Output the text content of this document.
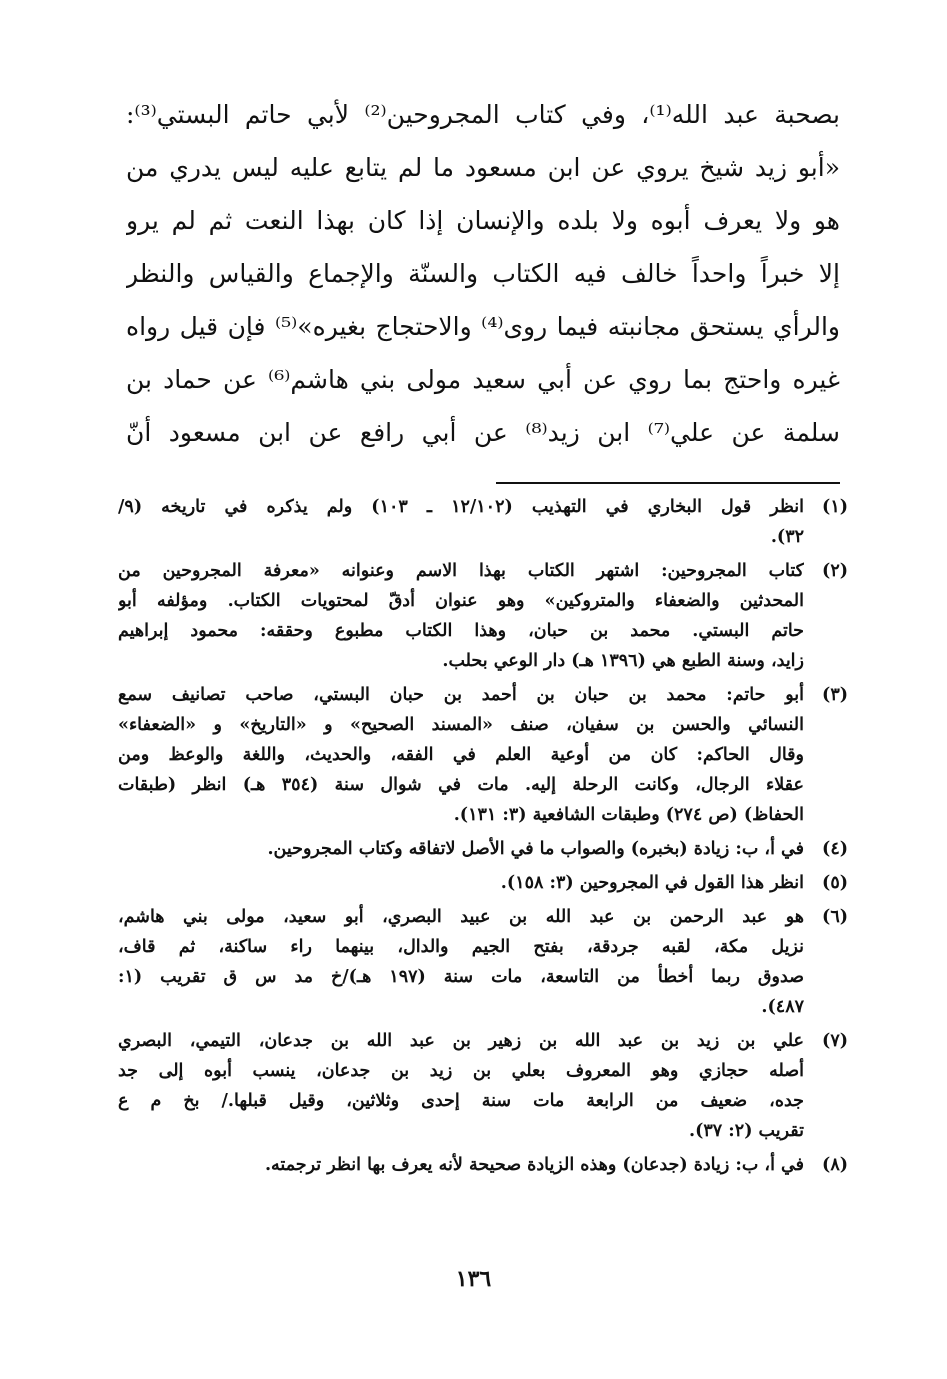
بصحبة عبد الله⁽¹⁾، وفي كتاب المجروحين⁽²⁾ لأبي حاتم البستي⁽³⁾:
«أبو زيد شيخ يروي عن ابن مسعود ما لم يتابع عليه ليس يدري من
هو ولا يعرف أبوه ولا بلده والإنسان إذا كان بهذا النعت ثم لم يرو
إلا خبراً واحداً خالف فيه الكتاب والسنّة والإجماع والقياس والنظر
والرأي يستحق مجانبته فيما روى⁽⁴⁾ والاحتجاج بغيره»⁽⁵⁾ فإن قيل رواه
غيره واحتج بما روي عن أبي سعيد مولى بني هاشم⁽⁶⁾ عن حماد بن
سلمة عن علي⁽⁷⁾ ابن زيد⁽⁸⁾ عن أبي رافع عن ابن مسعود أنّ
(١)
انظر قول البخاري في التهذيب (١٢/١٠٢ ـ ١٠٣) ولم يذكره في تاريخه (٩/
٣٢).
(٢)
كتاب المجروحين: اشتهر الكتاب بهذا الاسم وعنوانه «معرفة المجروحين من
المحدثين والضعفاء والمتروكين» وهو عنوان أدقّ لمحتويات الكتاب. ومؤلفه أبو
حاتم البستي. محمد بن حبان، وهذا الكتاب مطبوع وحققه: محمود إبراهيم
زايد، وسنة الطبع هي (١٣٩٦ هـ) دار الوعي بحلب.
(٣)
أبو حاتم: محمد بن حبان بن أحمد بن حبان البستي، صاحب تصانيف سمع
النسائي والحسن بن سفيان، صنف «المسند الصحيح» و «التاريخ» و «الضعفاء»
وقال الحاكم: كان من أوعية العلم في الفقه، والحديث، واللغة والوعظ ومن
عقلاء الرجال، وكانت الرحلة إليه. مات في شوال سنة (٣٥٤ هـ) انظر (طبقات
الحفاظ) (ص ٢٧٤) وطبقات الشافعية (٣: ١٣١).
(٤)
في أ، ب: زيادة (بخبره) والصواب ما في الأصل لاتفاقه وكتاب المجروحين.
(٥)
انظر هذا القول في المجروحين (٣: ١٥٨).
(٦)
هو عبد الرحمن بن عبد الله بن عبيد البصري، أبو سعيد، مولى بني هاشم،
نزيل مكة، لقبه جردقة، بفتح الجيم والدال، بينهما راء ساكنة، ثم قاف،
صدوق ربما أخطأ من التاسعة، مات سنة (١٩٧ هـ)/خ مد س ق تقريب (١:
٤٨٧).
(٧)
علي بن زيد بن عبد الله بن زهير بن عبد الله بن جدعان، التيمي، البصري
أصله حجازي وهو المعروف بعلي بن زيد بن جدعان، ينسب أبوه إلى جد
جده، ضعيف من الرابعة مات سنة إحدى وثلاثين، وقيل قبلها./ بخ م ع
تقريب (٢: ٣٧).
(٨)
في أ، ب: زيادة (جدعان) وهذه الزيادة صحيحة لأنه يعرف بها انظر ترجمته.
١٣٦
